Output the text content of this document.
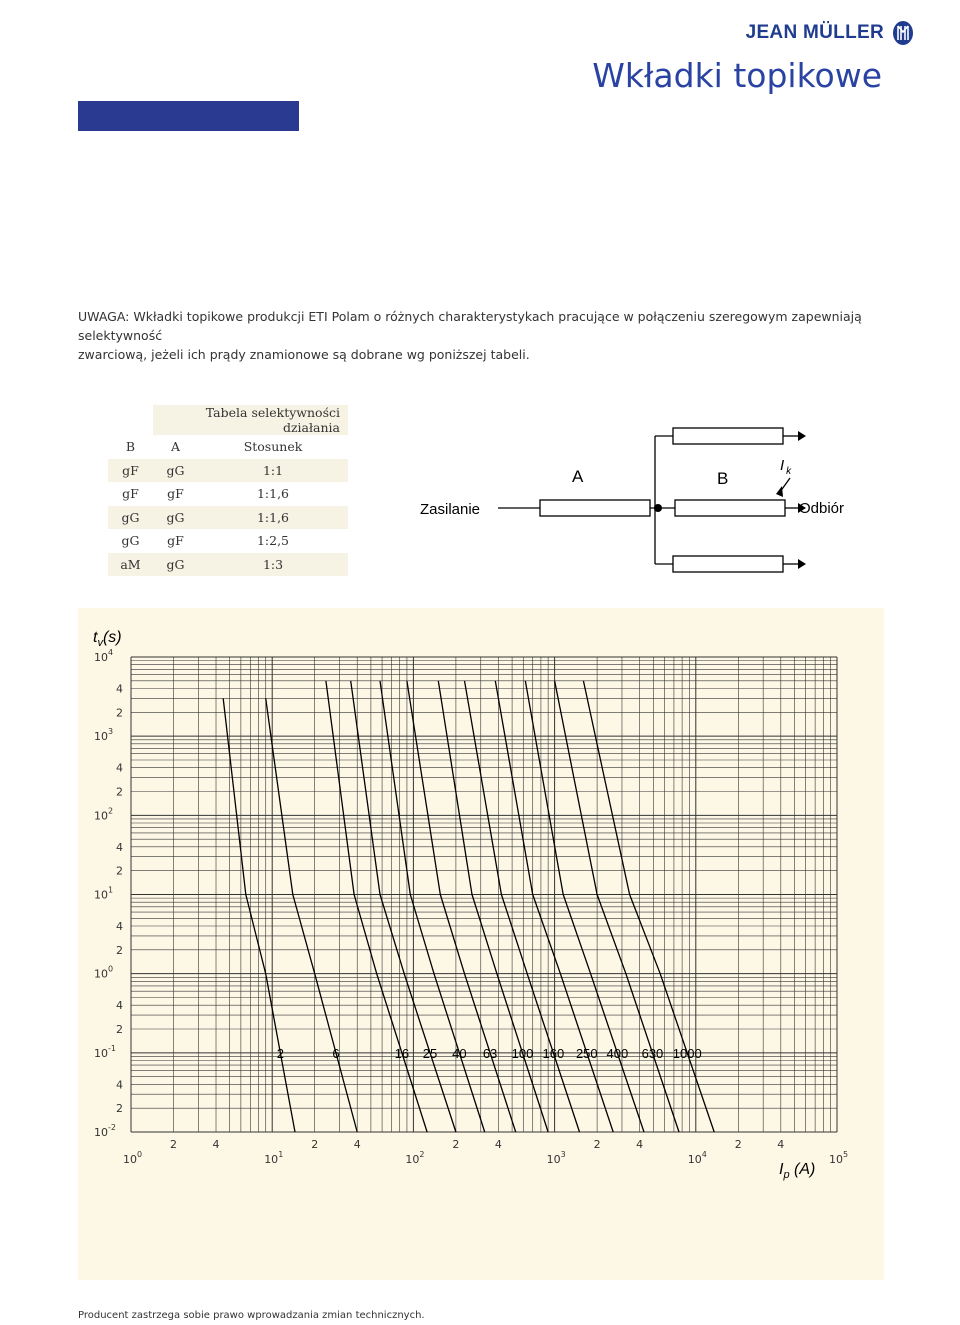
JEAN MÜLLER
Wkładki topikowe
UWAGA: Wkładki topikowe produkcji ETI Polam o różnych charakterystykach pracujące w połączeniu szeregowym zapewniają selektywność
zwarciową, jeżeli ich prądy znamionowe są dobrane wg poniższej tabeli.
	Tabela selektywności działania	
B	A	Stosunek
gF	gG	1:1
gF	gF	1:1,6
gG	gG	1:1,6
gG	gF	1:2,5
aM	gG	1:3
Zasilanie
A	B
I $_k$
Odbiór
2	6	16 25 40 63 100 160 250 400 630 1000
$10^4$
$10^3$
$10^2$
$10^1$
$10^0$
$10^{-1}$
$10^{-2}$
2
4
2
4
2
4
2
4
2
4
2
4
$10^0$	$10^1$	$10^2$	$10^3$	$10^4$	$10^5$
2	4	2	4	2	4	2	4	2	4
$t_v(s)$
$I_p$ (A)
Producent zastrzega sobie prawo wprowadzania zmian technicznych.
